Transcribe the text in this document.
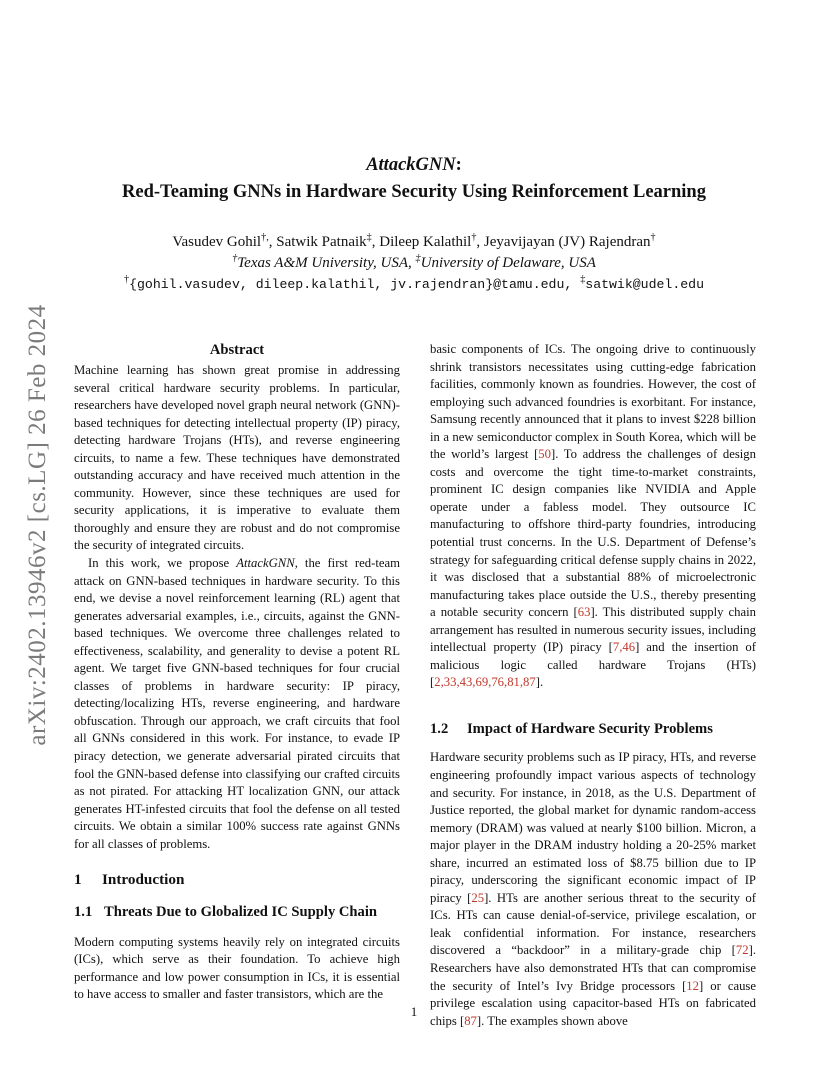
arXiv:2402.13946v2 [cs.LG] 26 Feb 2024
AttackGNN:
Red-Teaming GNNs in Hardware Security Using Reinforcement Learning
Vasudev Gohil†,, Satwik Patnaik‡, Dileep Kalathil†, Jeyavijayan (JV) Rajendran†
†Texas A&M University, USA, ‡University of Delaware, USA
†{gohil.vasudev, dileep.kalathil, jv.rajendran}@tamu.edu, ‡satwik@udel.edu
Abstract

Machine learning has shown great promise in addressing several critical hardware security problems. In particular, researchers have developed novel graph neural network (GNN)-based techniques for detecting intellectual property (IP) piracy, detecting hardware Trojans (HTs), and reverse engineering circuits, to name a few. These techniques have demonstrated outstanding accuracy and have received much attention in the community. However, since these techniques are used for security applications, it is imperative to evaluate them thoroughly and ensure they are robust and do not compromise the security of integrated circuits.

In this work, we propose AttackGNN, the first red-team attack on GNN-based techniques in hardware security. To this end, we devise a novel reinforcement learning (RL) agent that generates adversarial examples, i.e., circuits, against the GNN-based techniques. We overcome three challenges related to effectiveness, scalability, and generality to devise a potent RL agent. We target five GNN-based techniques for four crucial classes of problems in hardware security: IP piracy, detecting/localizing HTs, reverse engineering, and hardware obfuscation. Through our approach, we craft circuits that fool all GNNs considered in this work. For instance, to evade IP piracy detection, we generate adversarial pirated circuits that fool the GNN-based defense into classifying our crafted circuits as not pirated. For attacking HT localization GNN, our attack generates HT-infested circuits that fool the defense on all tested circuits. We obtain a similar 100% success rate against GNNs for all classes of problems.

1 Introduction
1.1 Threats Due to Globalized IC Supply Chain

Modern computing systems heavily rely on integrated circuits (ICs), which serve as their foundation. To achieve high performance and low power consumption in ICs, it is essential to have access to smaller and faster transistors, which are the

basic components of ICs. The ongoing drive to continuously shrink transistors necessitates using cutting-edge fabrication facilities, commonly known as foundries. However, the cost of employing such advanced foundries is exorbitant. For instance, Samsung recently announced that it plans to invest $228 billion in a new semiconductor complex in South Korea, which will be the world’s largest [50]. To address the challenges of design costs and overcome the tight time-to-market constraints, prominent IC design companies like NVIDIA and Apple operate under a fabless model. They outsource IC manufacturing to offshore third-party foundries, introducing potential trust concerns. In the U.S. Department of Defense’s strategy for safeguarding critical defense supply chains in 2022, it was disclosed that a substantial 88% of microelectronic manufacturing takes place outside the U.S., thereby presenting a notable security concern [63]. This distributed supply chain arrangement has resulted in numerous security issues, including intellectual property (IP) piracy [7,46] and the insertion of malicious logic called hardware Trojans (HTs) [2,33,43,69,76,81,87].

1.2 Impact of Hardware Security Problems

Hardware security problems such as IP piracy, HTs, and reverse engineering profoundly impact various aspects of technology and security. For instance, in 2018, as the U.S. Department of Justice reported, the global market for dynamic random-access memory (DRAM) was valued at nearly $100 billion. Micron, a major player in the DRAM industry holding a 20-25% market share, incurred an estimated loss of $8.75 billion due to IP piracy, underscoring the significant economic impact of IP piracy [25]. HTs are another serious threat to the security of ICs. HTs can cause denial-of-service, privilege escalation, or leak confidential information. For instance, researchers discovered a “backdoor” in a military-grade chip [72]. Researchers have also demonstrated HTs that can compromise the security of Intel’s Ivy Bridge processors [12] or cause privilege escalation using capacitor-based HTs on fabricated chips [87]. The examples shown above

1
